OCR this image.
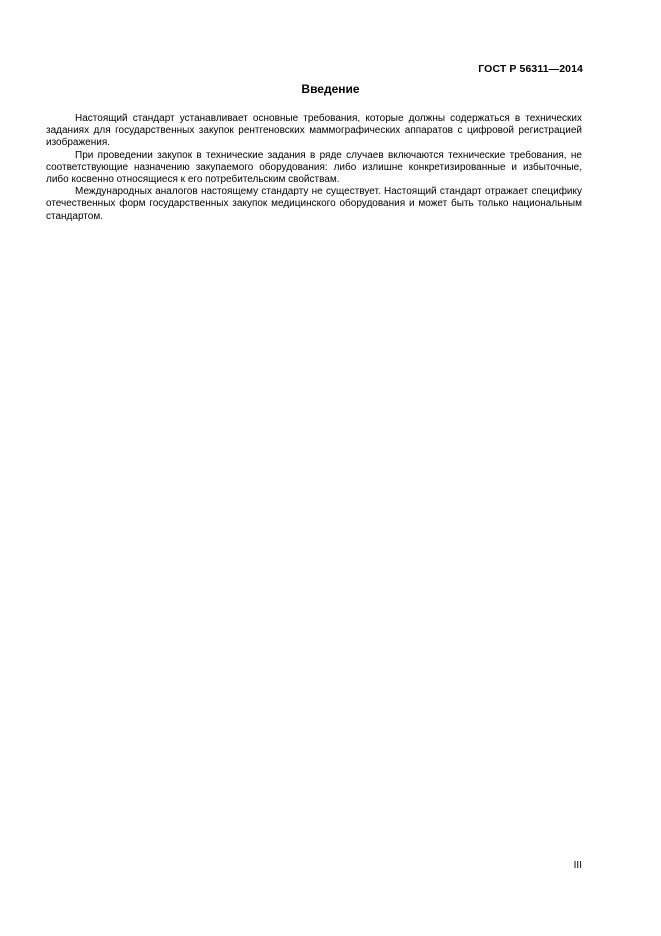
ГОСТ Р 56311—2014
Введение

Настоящий стандарт устанавливает основные требования, которые должны содержаться в технических заданиях для государственных закупок рентгеновских маммографических аппаратов с цифровой регистрацией изображения.

При проведении закупок в технические задания в ряде случаев включаются технические требования, не соответствующие назначению закупаемого оборудования: либо излишне конкретизированные и избыточные, либо косвенно относящиеся к его потребительским свойствам.

Международных аналогов настоящему стандарту не существует. Настоящий стандарт отражает специфику отечественных форм государственных закупок медицинского оборудования и может быть только национальным стандартом.

III
